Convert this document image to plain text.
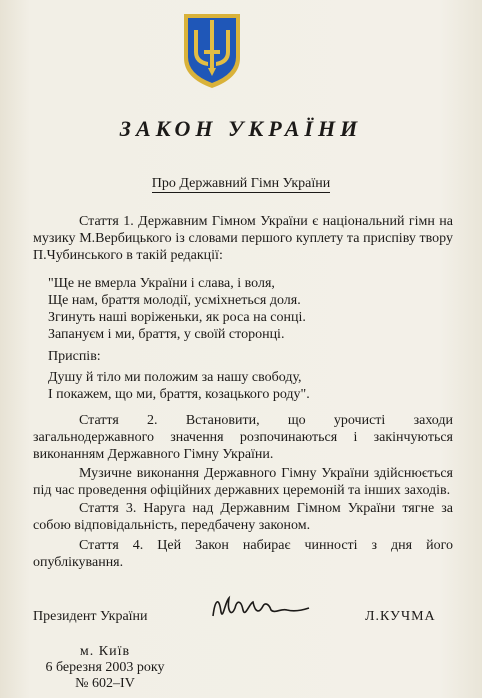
ЗАКОН УКРАЇНИ
Про Державний Гімн України
Стаття 1. Державним Гімном України є національний гімн на музику М.Вербицького із словами першого куплету та приспіву твору П.Чубинського в такій редакції:
"Ще не вмерла України і слава, і воля,
Ще нам, браття молодії, усміхнеться доля.
Згинуть наші воріженьки, як роса на сонці.
Запануєм і ми, браття, у своїй сторонці.
Приспів:
Душу й тіло ми положим за нашу свободу,
І покажем, що ми, браття, козацького роду".
Стаття 2. Встановити, що урочисті заходи загальнодержавного значення розпочинаються і закінчуються виконанням Державного Гімну України.
Музичне виконання Державного Гімну України здійснюється під час проведення офіційних державних церемоній та інших заходів.
Стаття 3. Наруга над Державним Гімном України тягне за собою відповідальність, передбачену законом.
Стаття 4. Цей Закон набирає чинності з дня його опублікування.
Президент України	Л.КУЧМА
м. Київ
6 березня 2003 року
№ 602–IV
